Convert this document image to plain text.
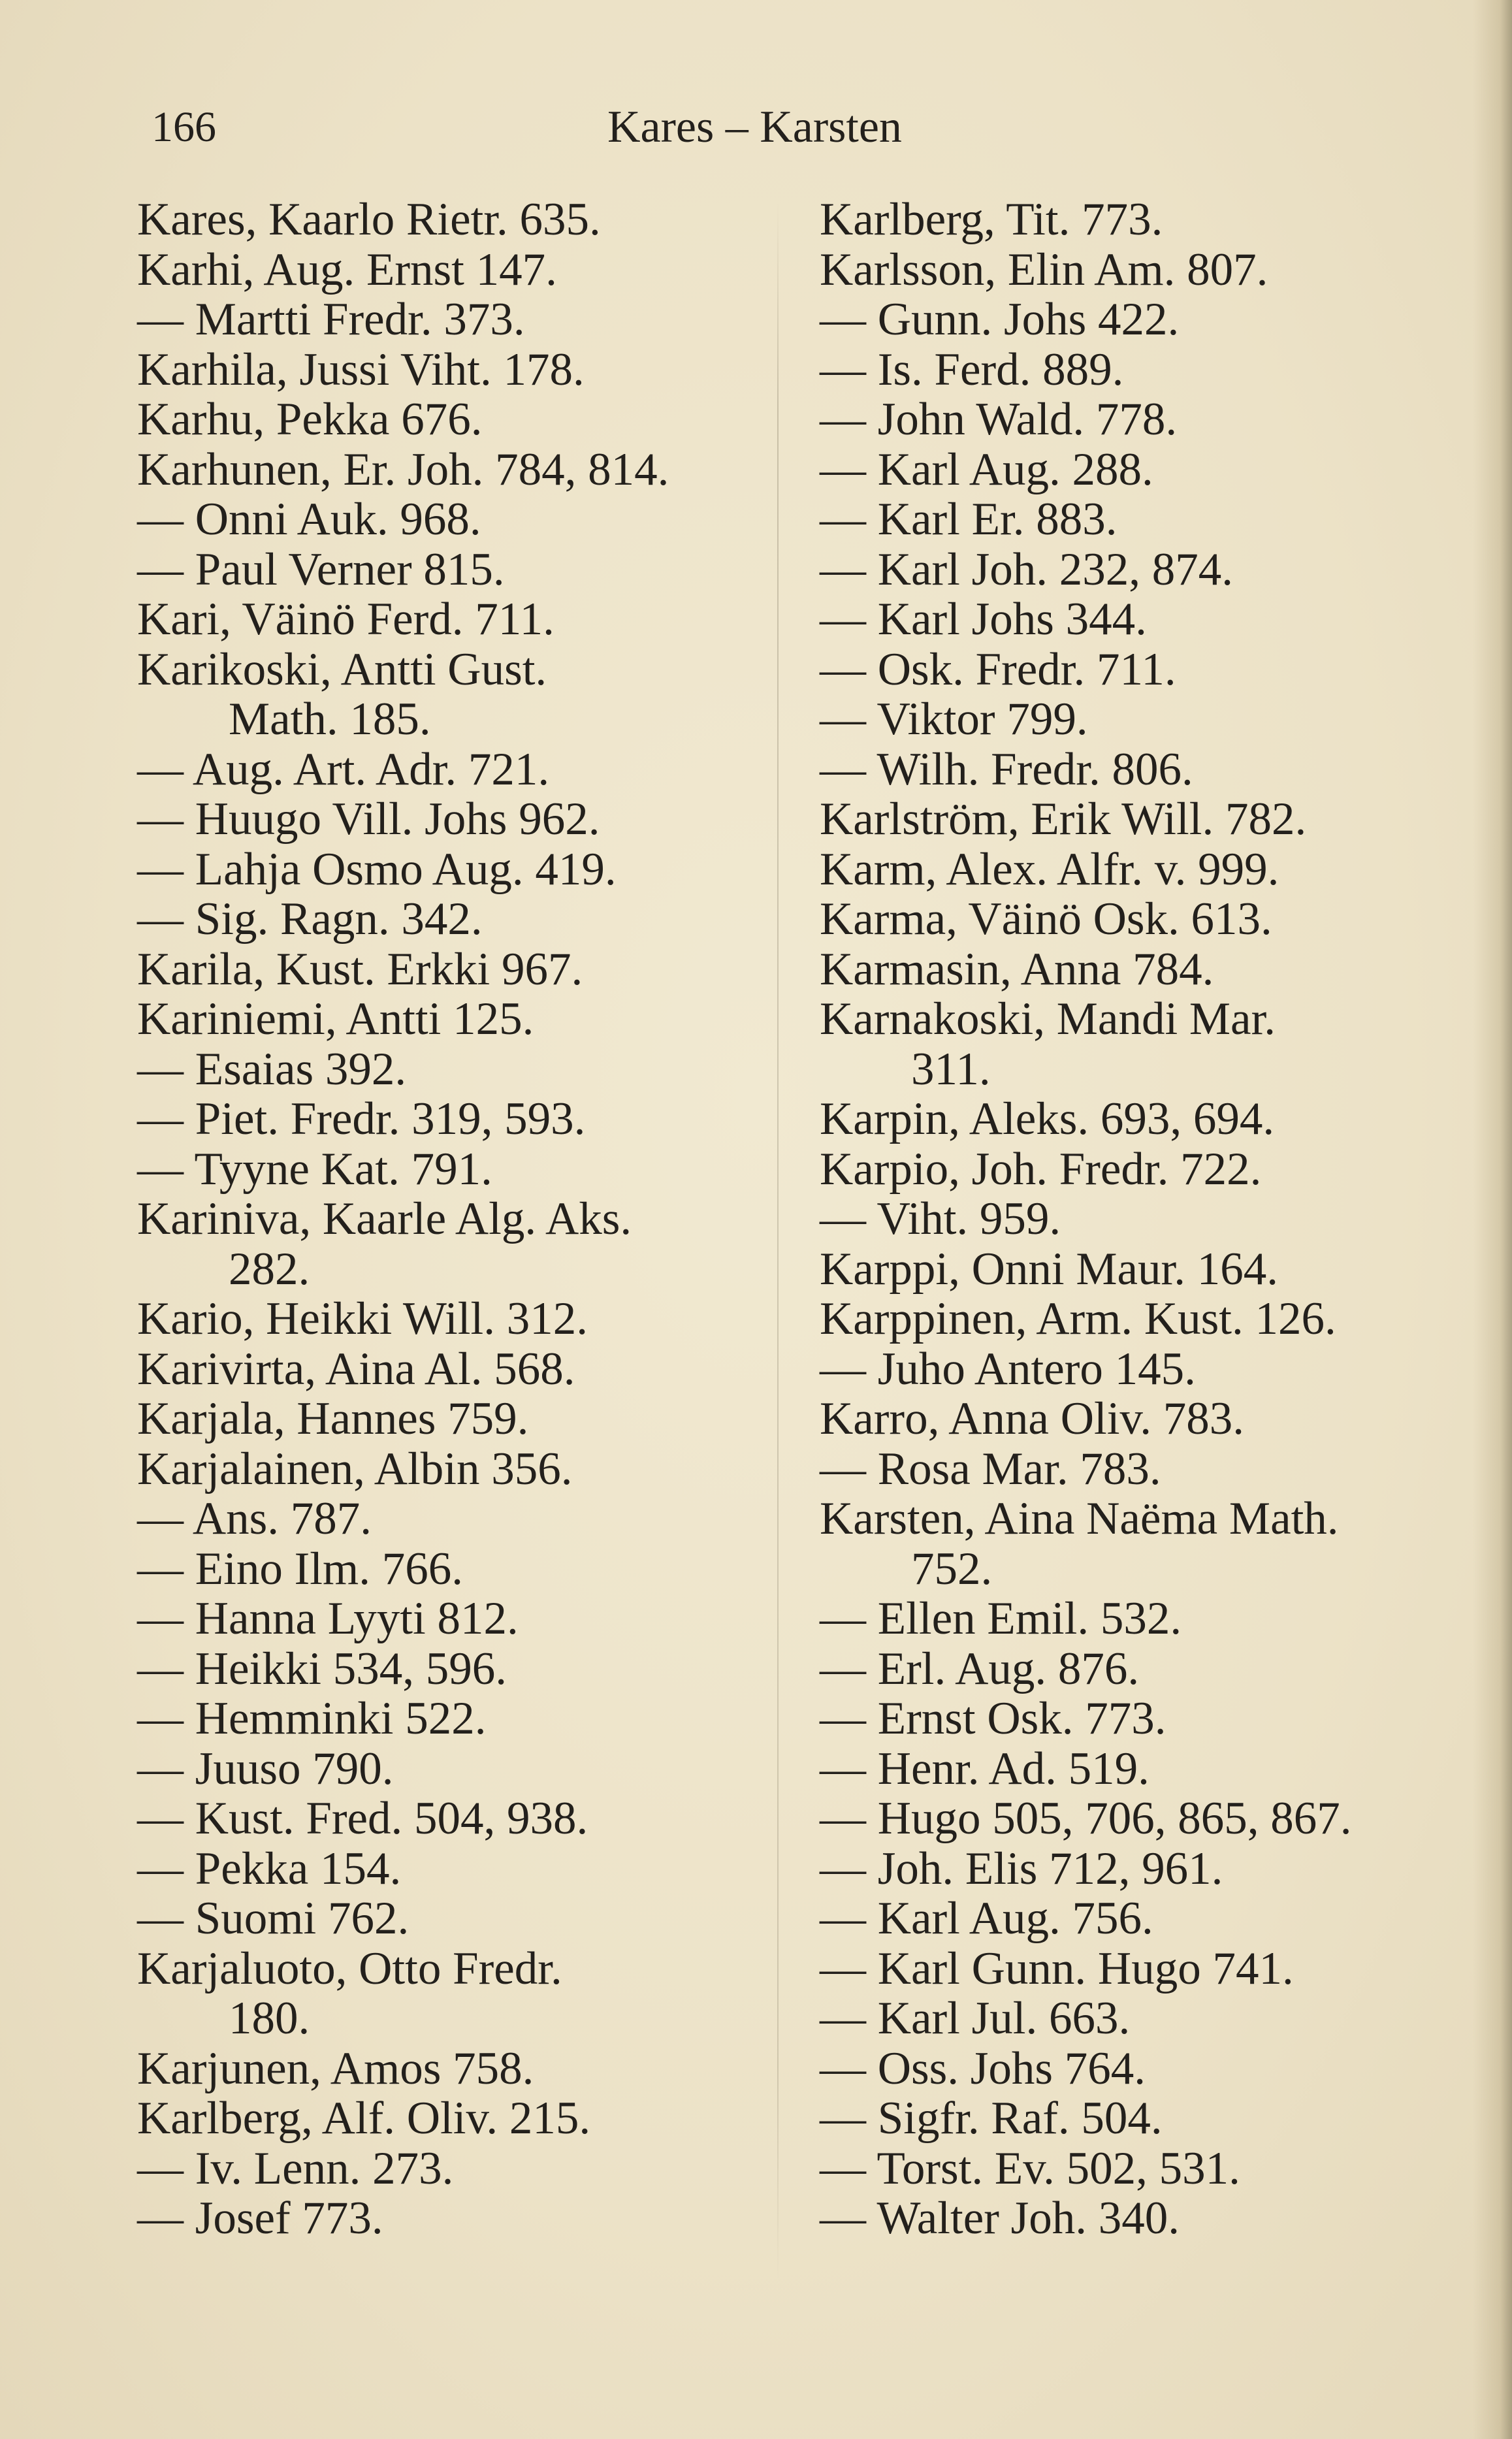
166	Kares – Karsten
Kares, Kaarlo Rietr. 635.
Karhi, Aug. Ernst 147.
— Martti Fredr. 373.
Karhila, Jussi Viht. 178.
Karhu, Pekka 676.
Karhunen, Er. Joh. 784, 814.
— Onni Auk. 968.
— Paul Verner 815.
Kari, Väinö Ferd. 711.
Karikoski, Antti Gust.
Math. 185.
— Aug. Art. Adr. 721.
— Huugo Vill. Johs 962.
— Lahja Osmo Aug. 419.
— Sig. Ragn. 342.
Karila, Kust. Erkki 967.
Kariniemi, Antti 125.
— Esaias 392.
— Piet. Fredr. 319, 593.
— Tyyne Kat. 791.
Kariniva, Kaarle Alg. Aks.
282.
Kario, Heikki Will. 312.
Karivirta, Aina Al. 568.
Karjala, Hannes 759.
Karjalainen, Albin 356.
— Ans. 787.
— Eino Ilm. 766.
— Hanna Lyyti 812.
— Heikki 534, 596.
— Hemminki 522.
— Juuso 790.
— Kust. Fred. 504, 938.
— Pekka 154.
— Suomi 762.
Karjaluoto, Otto Fredr.
180.
Karjunen, Amos 758.
Karlberg, Alf. Oliv. 215.
— Iv. Lenn. 273.
— Josef 773.
Karlberg, Tit. 773.
Karlsson, Elin Am. 807.
— Gunn. Johs 422.
— Is. Ferd. 889.
— John Wald. 778.
— Karl Aug. 288.
— Karl Er. 883.
— Karl Joh. 232, 874.
— Karl Johs 344.
— Osk. Fredr. 711.
— Viktor 799.
— Wilh. Fredr. 806.
Karlström, Erik Will. 782.
Karm, Alex. Alfr. v. 999.
Karma, Väinö Osk. 613.
Karmasin, Anna 784.
Karnakoski, Mandi Mar.
311.
Karpin, Aleks. 693, 694.
Karpio, Joh. Fredr. 722.
— Viht. 959.
Karppi, Onni Maur. 164.
Karppinen, Arm. Kust. 126.
— Juho Antero 145.
Karro, Anna Oliv. 783.
— Rosa Mar. 783.
Karsten, Aina Naëma Math.
752.
— Ellen Emil. 532.
— Erl. Aug. 876.
— Ernst Osk. 773.
— Henr. Ad. 519.
— Hugo 505, 706, 865, 867.
— Joh. Elis 712, 961.
— Karl Aug. 756.
— Karl Gunn. Hugo 741.
— Karl Jul. 663.
— Oss. Johs 764.
— Sigfr. Raf. 504.
— Torst. Ev. 502, 531.
— Walter Joh. 340.
